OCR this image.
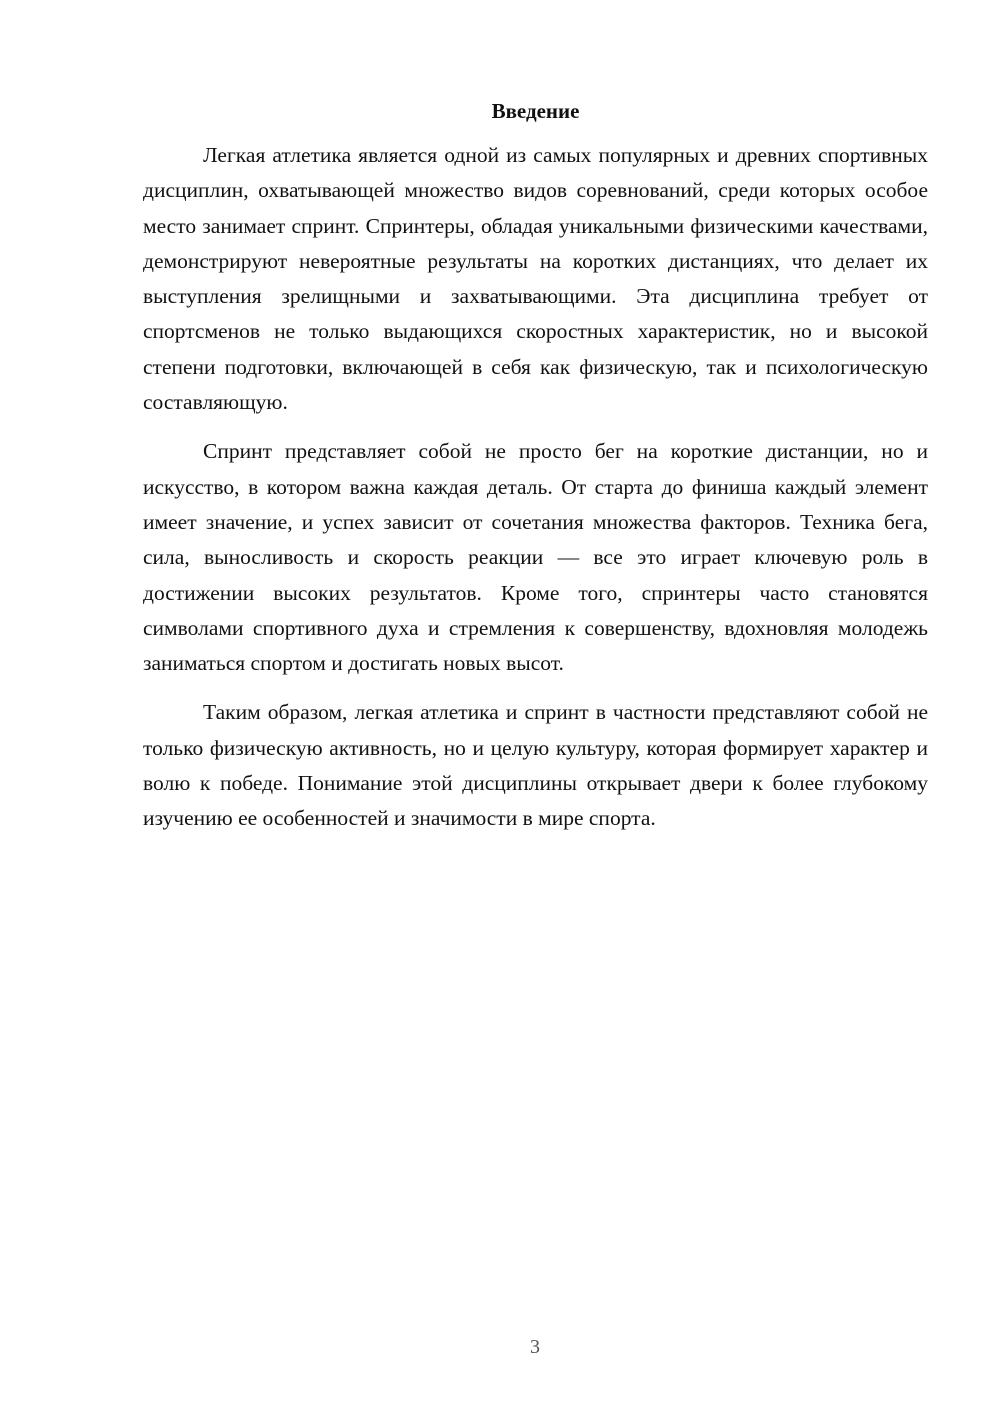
Введение

Легкая атлетика является одной из самых популярных и древних спортивных дисциплин, охватывающей множество видов соревнований, среди которых особое место занимает спринт. Спринтеры, обладая уникальными физическими качествами, демонстрируют невероятные результаты на коротких дистанциях, что делает их выступления зрелищными и захватывающими. Эта дисциплина требует от спортсменов не только выдающихся скоростных характеристик, но и высокой степени подготовки, включающей в себя как физическую, так и психологическую составляющую.

Спринт представляет собой не просто бег на короткие дистанции, но и искусство, в котором важна каждая деталь. От старта до финиша каждый элемент имеет значение, и успех зависит от сочетания множества факторов. Техника бега, сила, выносливость и скорость реакции — все это играет ключевую роль в достижении высоких результатов. Кроме того, спринтеры часто становятся символами спортивного духа и стремления к совершенству, вдохновляя молодежь заниматься спортом и достигать новых высот.

Таким образом, легкая атлетика и спринт в частности представляют собой не только физическую активность, но и целую культуру, которая формирует характер и волю к победе. Понимание этой дисциплины открывает двери к более глубокому изучению ее особенностей и значимости в мире спорта.

3
